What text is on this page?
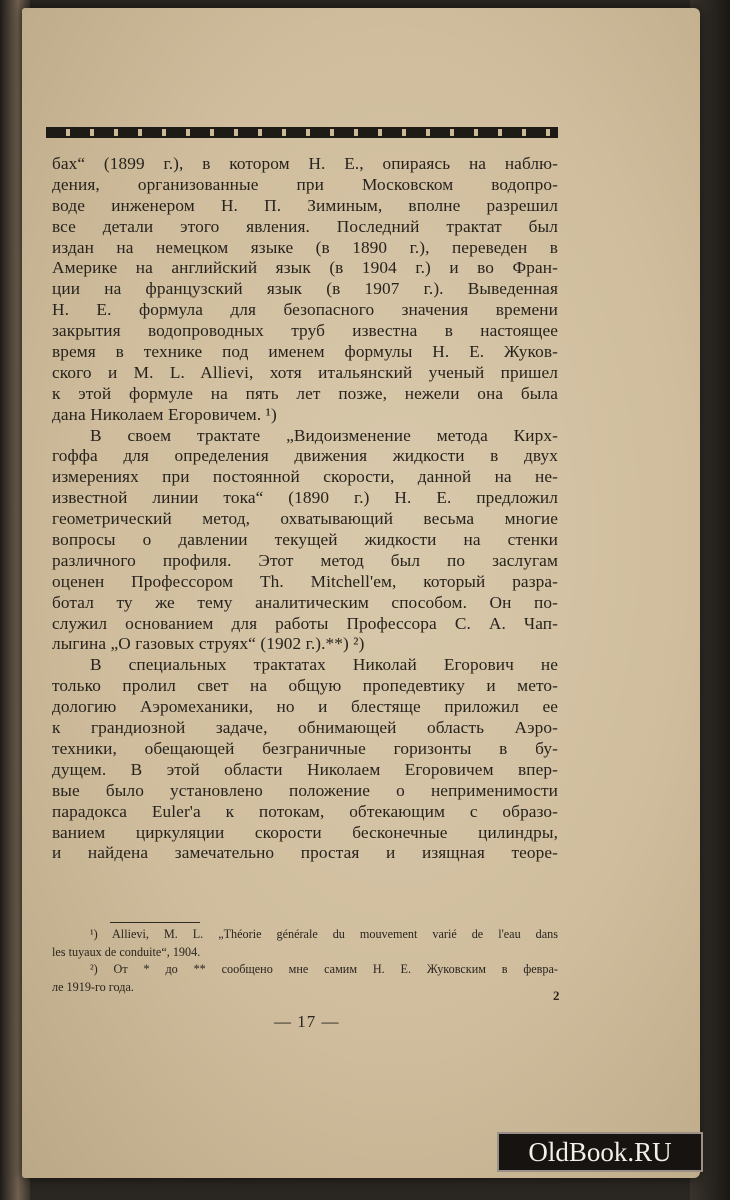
бах“ (1899 г.), в котором Н. Е., опираясь на наблю-
дения, организованные при Московском водопро-
воде инженером Н. П. Зиминым, вполне разрешил
все детали этого явления. Последний трактат был
издан на немецком языке (в 1890 г.), переведен в
Америке на английский язык (в 1904 г.) и во Фран-
ции на французский язык (в 1907 г.). Выведенная
Н. Е. формула для безопасного значения времени
закрытия водопроводных труб известна в настоящее
время в технике под именем формулы Н. Е. Жуков-
ского и M. L. Allievi, хотя итальянский ученый пришел
к этой формуле на пять лет позже, нежели она была
дана Николаем Егоровичем. ¹)
В своем трактате „Видоизменение метода Кирх-
гоффа для определения движения жидкости в двух
измерениях при постоянной скорости, данной на не-
известной линии тока“ (1890 г.) Н. Е. предложил
геометрический метод, охватывающий весьма многие
вопросы о давлении текущей жидкости на стенки
различного профиля. Этот метод был по заслугам
оценен Профессором Th. Mitchell'ем, который разра-
ботал ту же тему аналитическим способом. Он по-
служил основанием для работы Профессора С. А. Чап-
лыгина „О газовых струях“ (1902 г.).**) ²)
В специальных трактатах Николай Егорович не
только пролил свет на общую пропедевтику и мето-
дологию Аэромеханики, но и блестяще приложил ее
к грандиозной задаче, обнимающей область Аэро-
техники, обещающей безграничные горизонты в бу-
дущем. В этой области Николаем Егоровичем впер-
вые было установлено положение о неприменимости
парадокса Euler'а к потокам, обтекающим с образо-
ванием циркуляции скорости бесконечные цилиндры,
и найдена замечательно простая и изящная теоре-
¹) Allievi, M. L. „Théorie générale du mouvement varié de l'eau dans
les tuyaux de conduite“, 1904.
²) От * до ** сообщено мне самим Н. Е. Жуковским в февра-
ле 1919-го года.
2
— 17 —
OldBook.RU
